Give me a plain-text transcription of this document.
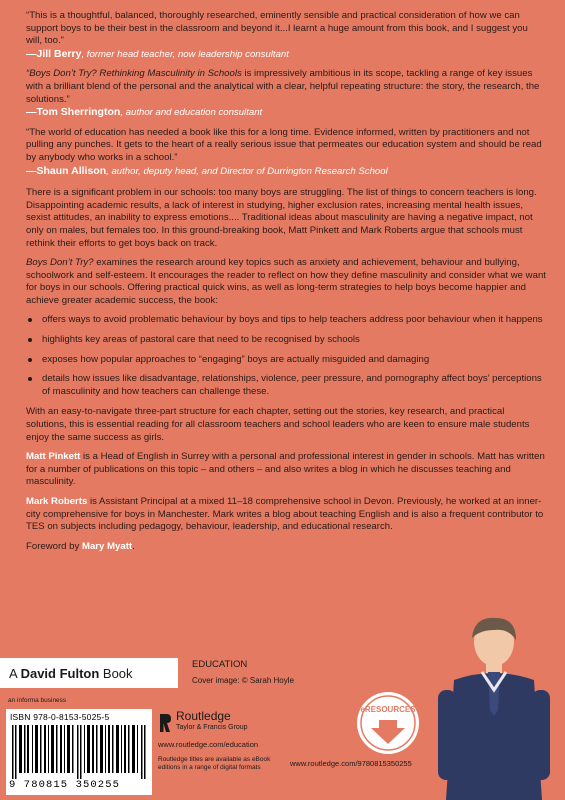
“This is a thoughtful, balanced, thoroughly researched, eminently sensible and practical consideration of how we can support boys to be their best in the classroom and beyond it...I learnt a huge amount from this book, and I suggest you will, too.”
—Jill Berry, former head teacher, now leadership consultant
“Boys Don’t Try? Rethinking Masculinity in Schools is impressively ambitious in its scope, tackling a range of key issues with a brilliant blend of the personal and the analytical with a clear, helpful repeating structure: the story, the research, the solutions.”
—Tom Sherrington, author and education consultant
“The world of education has needed a book like this for a long time. Evidence informed, written by practitioners and not pulling any punches. It gets to the heart of a really serious issue that permeates our education system and should be read by anybody who works in a school.”
—Shaun Allison, author, deputy head, and Director of Durrington Research School

There is a significant problem in our schools: too many boys are struggling. The list of things to concern teachers is long. Disappointing academic results, a lack of interest in studying, higher exclusion rates, increasing mental health issues, sexist attitudes, an inability to express emotions.... Traditional ideas about masculinity are having a negative impact, not only on males, but females too. In this ground-breaking book, Matt Pinkett and Mark Roberts argue that schools must rethink their efforts to get boys back on track.

Boys Don’t Try? examines the research around key topics such as anxiety and achievement, behaviour and bullying, schoolwork and self-esteem. It encourages the reader to reflect on how they define masculinity and consider what we want for boys in our schools. Offering practical quick wins, as well as long-term strategies to help boys become happier and achieve greater academic success, the book:

offers ways to avoid problematic behaviour by boys and tips to help teachers address poor behaviour when it happens
highlights key areas of pastoral care that need to be recognised by schools
exposes how popular approaches to “engaging” boys are actually misguided and damaging
details how issues like disadvantage, relationships, violence, peer pressure, and pornography affect boys’ perceptions of masculinity and how teachers can challenge these.

With an easy-to-navigate three-part structure for each chapter, setting out the stories, key research, and practical solutions, this is essential reading for all classroom teachers and school leaders who are keen to ensure male students enjoy the same success as girls.

Matt Pinkett is a Head of English in Surrey with a personal and professional interest in gender in schools. Matt has written for a number of publications on this topic – and others – and also writes a blog in which he discusses teaching and masculinity.

Mark Roberts is Assistant Principal at a mixed 11–18 comprehensive school in Devon. Previously, he worked at an inner-city comprehensive for boys in Manchester. Mark writes a blog about teaching English and is also a frequent contributor to TES on subjects including pedagogy, behaviour, leadership, and educational research.

Foreword by Mary Myatt.

A David Fulton Book
EDUCATION
Cover image: © Sarah Hoyle
an informa business
ISBN 978-0-8153-5025-5
9 780815 350255
Routledge
Taylor & Francis Group
www.routledge.com/education
Routledge titles are available as eBook editions in a range of digital formats
eRESOURCES
www.routledge.com/9780815350255
